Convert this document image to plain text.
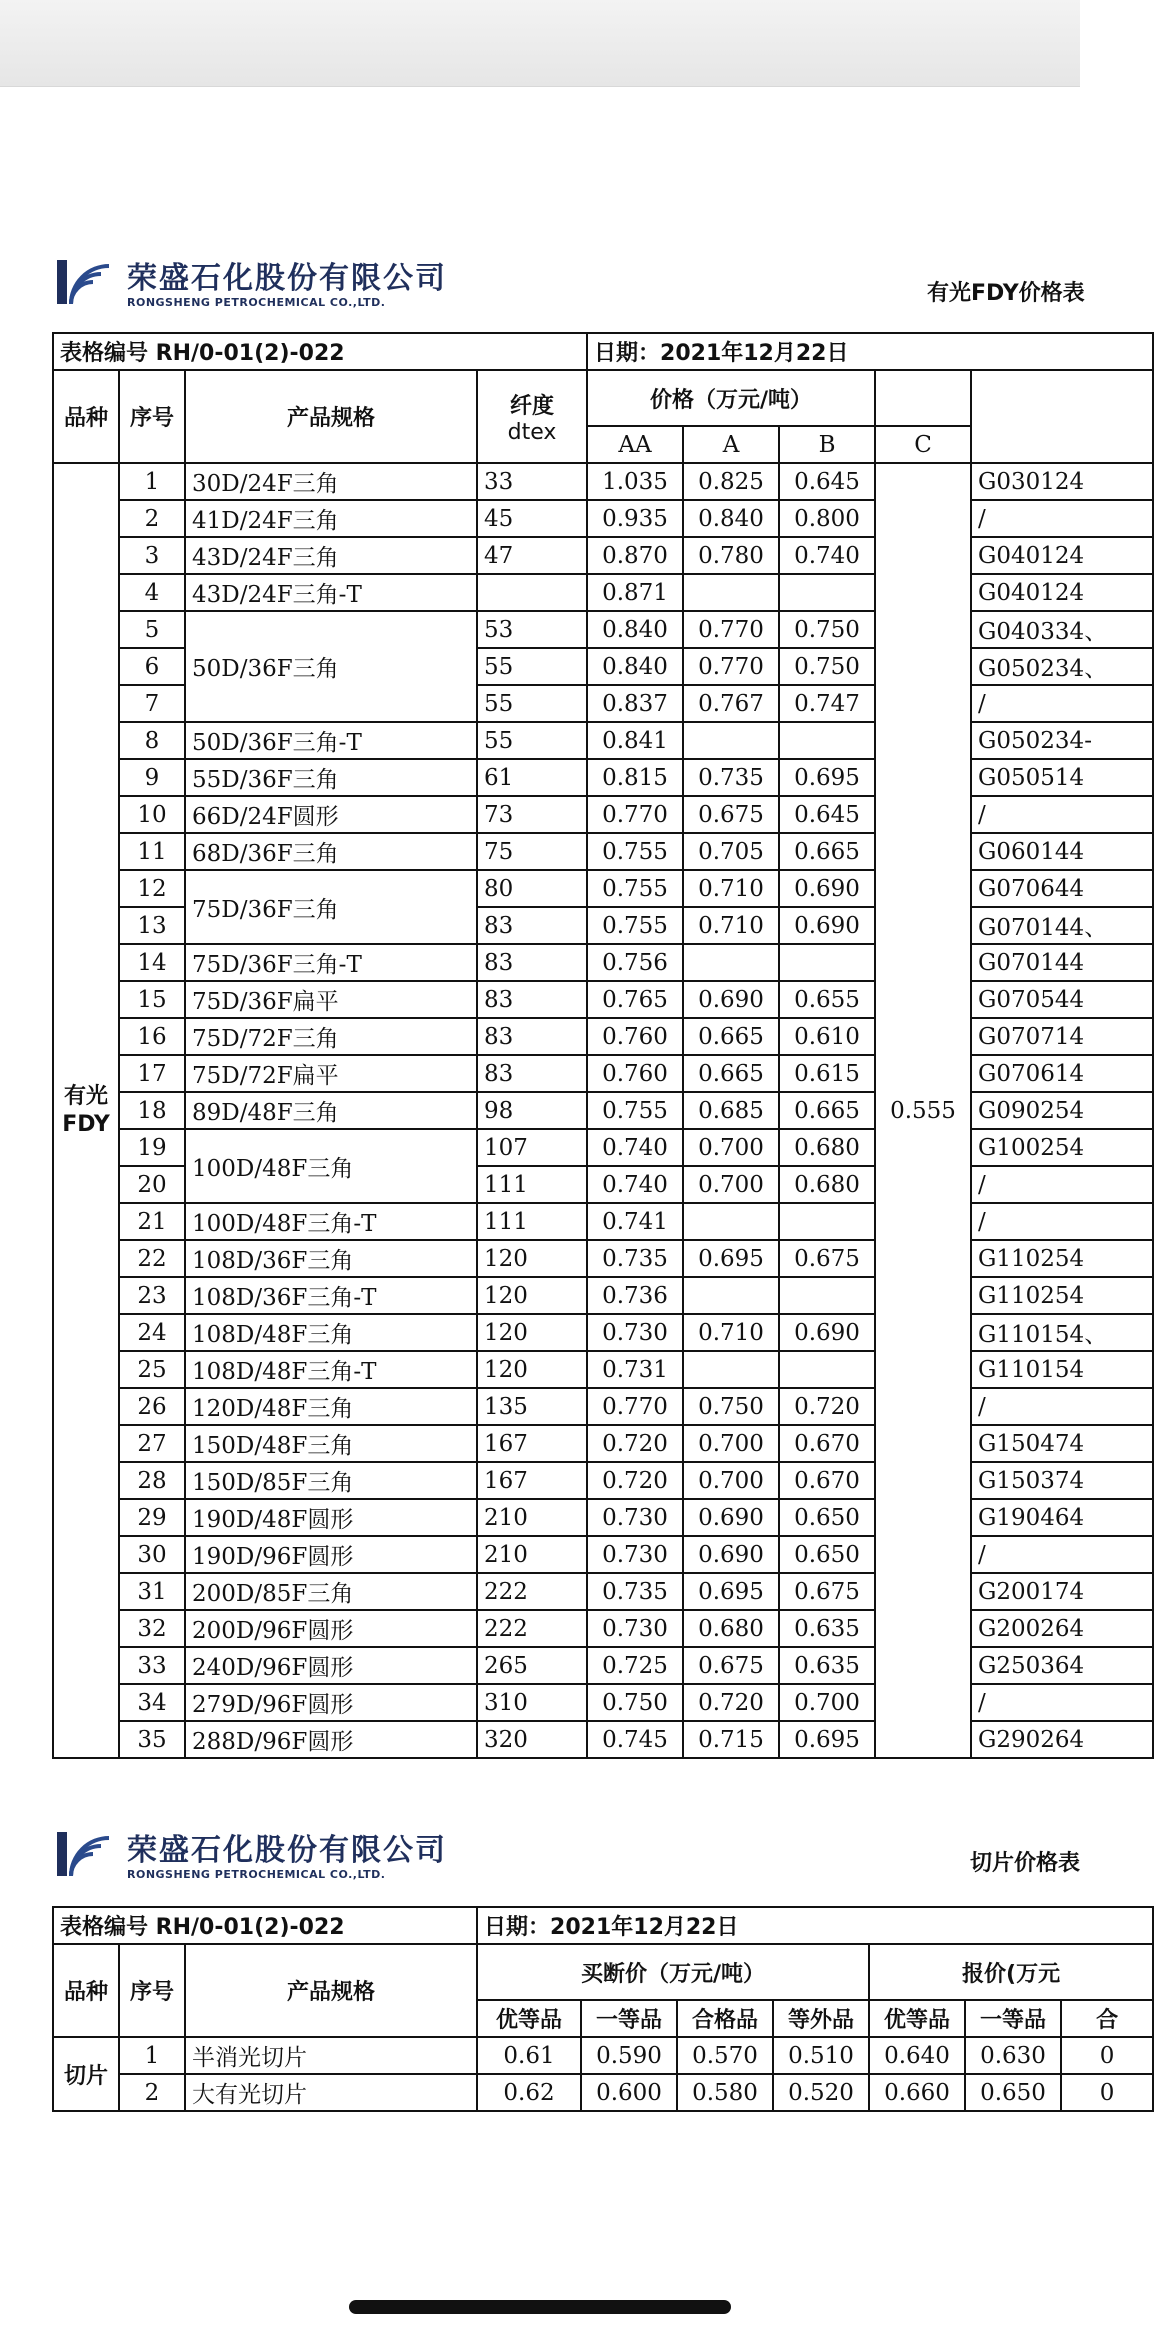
荣盛石化股份有限公司
RONGSHENG PETROCHEMICAL CO.,LTD.	有光FDY价格表
表格编号 RH/0-01(2)-022				日期：2021年12月22日				
品种	序号	产品规格	纤度
dtex	价格（万元/吨）				
				AA	A	B	C	
有光FDY	1	30D/24F三角	33	1.035	0.825	0.645	0.555	G030124
	2	41D/24F三角	45	0.935	0.840	0.800		/
	3	43D/24F三角	47	0.870	0.780	0.740		G040124
	4	43D/24F三角-T		0.871				G040124
	5	50D/36F三角	53	0.840	0.770	0.750		G040334、
	6		55	0.840	0.770	0.750		G050234、
	7		55	0.837	0.767	0.747		/
	8	50D/36F三角-T	55	0.841				G050234-
	9	55D/36F三角	61	0.815	0.735	0.695		G050514
	10	66D/24F圆形	73	0.770	0.675	0.645		/
	11	68D/36F三角	75	0.755	0.705	0.665		G060144
	12	75D/36F三角	80	0.755	0.710	0.690		G070644
	13		83	0.755	0.710	0.690		G070144、
	14	75D/36F三角-T	83	0.756				G070144
	15	75D/36F扁平	83	0.765	0.690	0.655		G070544
	16	75D/72F三角	83	0.760	0.665	0.610		G070714
	17	75D/72F扁平	83	0.760	0.665	0.615		G070614
	18	89D/48F三角	98	0.755	0.685	0.665		G090254
	19	100D/48F三角	107	0.740	0.700	0.680		G100254
	20		111	0.740	0.700	0.680		/
	21	100D/48F三角-T	111	0.741				/
	22	108D/36F三角	120	0.735	0.695	0.675		G110254
	23	108D/36F三角-T	120	0.736				G110254
	24	108D/48F三角	120	0.730	0.710	0.690		G110154、
	25	108D/48F三角-T	120	0.731				G110154
	26	120D/48F三角	135	0.770	0.750	0.720		/
	27	150D/48F三角	167	0.720	0.700	0.670		G150474
	28	150D/85F三角	167	0.720	0.700	0.670		G150374
	29	190D/48F圆形	210	0.730	0.690	0.650		G190464
	30	190D/96F圆形	210	0.730	0.690	0.650		/
	31	200D/85F三角	222	0.735	0.695	0.675		G200174
	32	200D/96F圆形	222	0.730	0.680	0.635		G200264
	33	240D/96F圆形	265	0.725	0.675	0.635		G250364
	34	279D/96F圆形	310	0.750	0.720	0.700		/
	35	288D/96F圆形	320	0.745	0.715	0.695		G290264
荣盛石化股份有限公司
RONGSHENG PETROCHEMICAL CO.,LTD.	切片价格表
表格编号 RH/0-01(2)-022			日期：2021年12月22日						
品种	序号	产品规格	买断价（万元/吨）				报价(万元		
			优等品	一等品	合格品	等外品	优等品	一等品	合
切片	1	半消光切片	0.61	0.590	0.570	0.510	0.640	0.630	0
	2	大有光切片	0.62	0.600	0.580	0.520	0.660	0.650	0
